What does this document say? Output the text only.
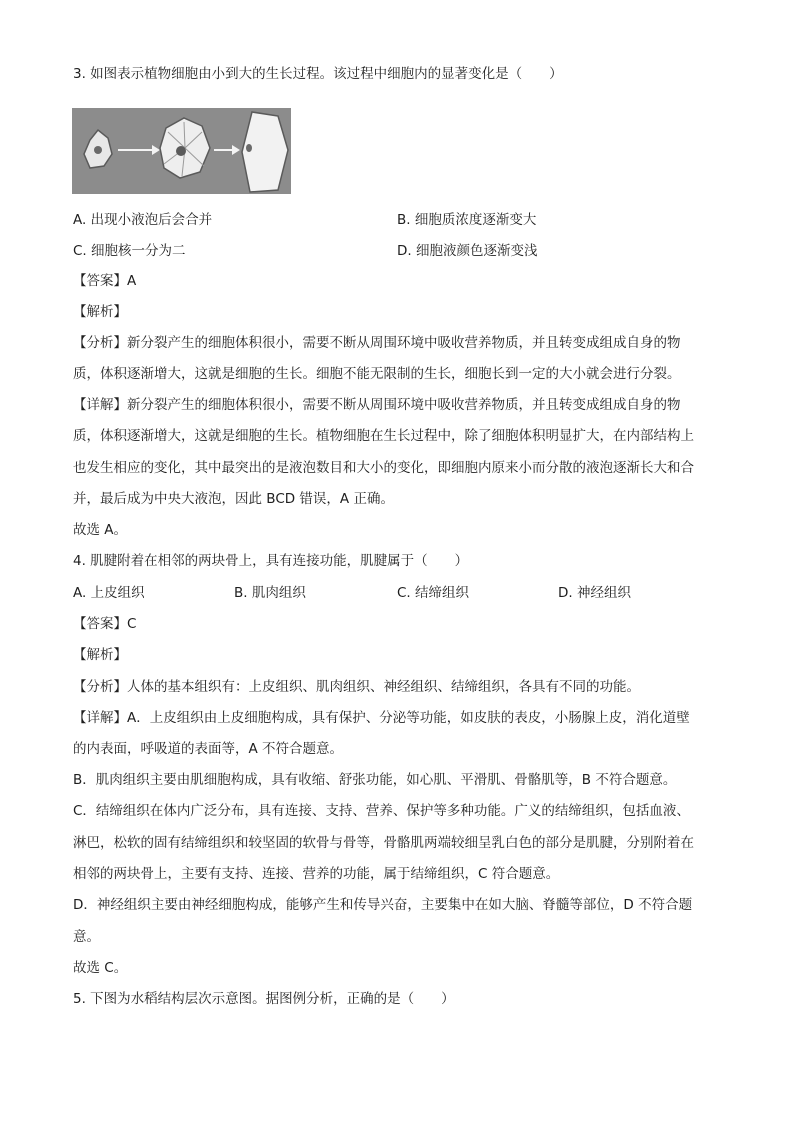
3. 如图表示植物细胞由小到大的生长过程。该过程中细胞内的显著变化是（　　）
A. 出现小液泡后会合并	B. 细胞质浓度逐渐变大
C. 细胞核一分为二	D. 细胞液颜色逐渐变浅
【答案】A
【解析】
【分析】新分裂产生的细胞体积很小，需要不断从周围环境中吸收营养物质，并且转变成组成自身的物
质，体积逐渐增大，这就是细胞的生长。细胞不能无限制的生长，细胞长到一定的大小就会进行分裂。
【详解】新分裂产生的细胞体积很小，需要不断从周围环境中吸收营养物质，并且转变成组成自身的物
质，体积逐渐增大，这就是细胞的生长。植物细胞在生长过程中，除了细胞体积明显扩大，在内部结构上
也发生相应的变化，其中最突出的是液泡数目和大小的变化，即细胞内原来小而分散的液泡逐渐长大和合
并，最后成为中央大液泡，因此 BCD 错误，A 正确。
故选 A。
4. 肌腱附着在相邻的两块骨上，具有连接功能，肌腱属于（　　）
A. 上皮组织	B. 肌肉组织	C. 结缔组织	D. 神经组织
【答案】C
【解析】
【分析】人体的基本组织有：上皮组织、肌肉组织、神经组织、结缔组织，各具有不同的功能。
【详解】A．上皮组织由上皮细胞构成，具有保护、分泌等功能，如皮肤的表皮，小肠腺上皮，消化道壁
的内表面，呼吸道的表面等，A 不符合题意。
B．肌肉组织主要由肌细胞构成，具有收缩、舒张功能，如心肌、平滑肌、骨骼肌等，B 不符合题意。
C．结缔组织在体内广泛分布，具有连接、支持、营养、保护等多种功能。广义的结缔组织，包括血液、
淋巴，松软的固有结缔组织和较坚固的软骨与骨等，骨骼肌两端较细呈乳白色的部分是肌腱，分别附着在
相邻的两块骨上，主要有支持、连接、营养的功能，属于结缔组织，C 符合题意。
D．神经组织主要由神经细胞构成，能够产生和传导兴奋，主要集中在如大脑、脊髓等部位，D 不符合题
意。
故选 C。
5. 下图为水稻结构层次示意图。据图例分析，正确的是（　　）
